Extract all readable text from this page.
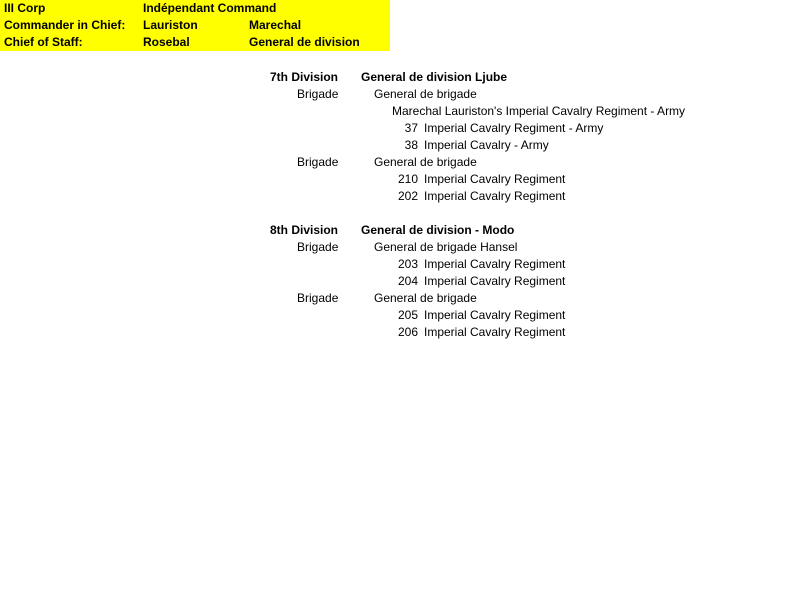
III Corp	Indépendant Command
Commander in Chief: Lauriston	Marechal
Chief of Staff:	Rosebal	General de division
7th Division General de division Ljube
Brigade	General de brigade
Marechal Lauriston's Imperial Cavalry Regiment - Army
37 Imperial Cavalry Regiment - Army
38 Imperial Cavalry - Army
Brigade	General de brigade
210 Imperial Cavalry Regiment
202 Imperial Cavalry Regiment
8th Division General de division - Modo
Brigade	General de brigade Hansel
203 Imperial Cavalry Regiment
204 Imperial Cavalry Regiment
Brigade	General de brigade
205 Imperial Cavalry Regiment
206 Imperial Cavalry Regiment
